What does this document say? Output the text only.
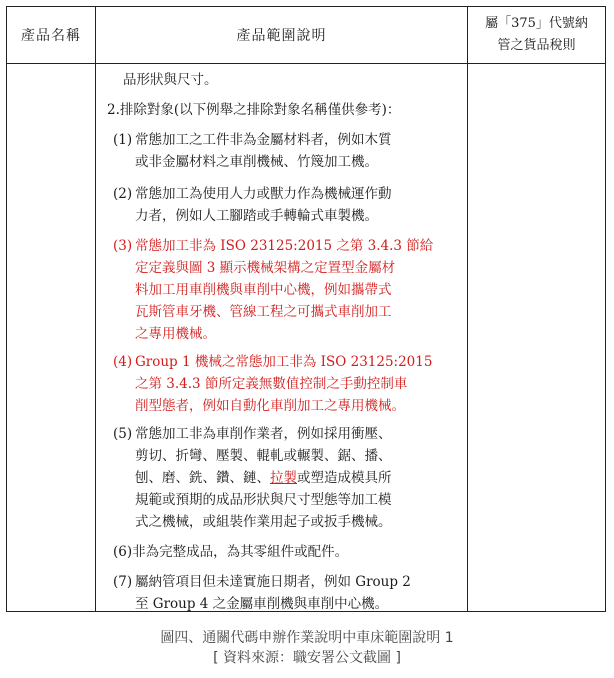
產品名稱	產品範圍說明
屬「375」代號納
管之貨品稅則
品形狀與尺寸。
2.排除對象(以下例舉之排除對象名稱僅供參考)：
(1) 常態加工之工件非為金屬材料者，例如木質
或非金屬材料之車削機械、竹篾加工機。
(2) 常態加工為使用人力或獸力作為機械運作動
力者，例如人工腳踏或手轉輪式車製機。
(3) 常態加工非為 ISO 23125:2015 之第 3.4.3 節給
定定義與圖 3 顯示機械架構之定置型金屬材
料加工用車削機與車削中心機，例如攜帶式
瓦斯管車牙機、管線工程之可攜式車削加工
之專用機械。
(4) Group 1 機械之常態加工非為 ISO 23125:2015
之第 3.4.3 節所定義無數值控制之手動控制車
削型態者，例如自動化車削加工之專用機械。
(5) 常態加工非為車削作業者，例如採用衝壓、
剪切、折彎、壓製、輥軋或輾製、鋸、播、
刨、磨、銑、鑽、鏈、拉製或塑造成模具所
規範或預期的成品形狀與尺寸型態等加工模
式之機械，或組裝作業用起子或扳手機械。
(6)非為完整成品，為其零組件或配件。
(7) 屬納管項目但未達實施日期者，例如 Group 2
至 Group 4 之金屬車削機與車削中心機。
圖四、通關代碼申辦作業說明中車床範圍說明 1
[ 資料來源：職安署公文截圖 ]
